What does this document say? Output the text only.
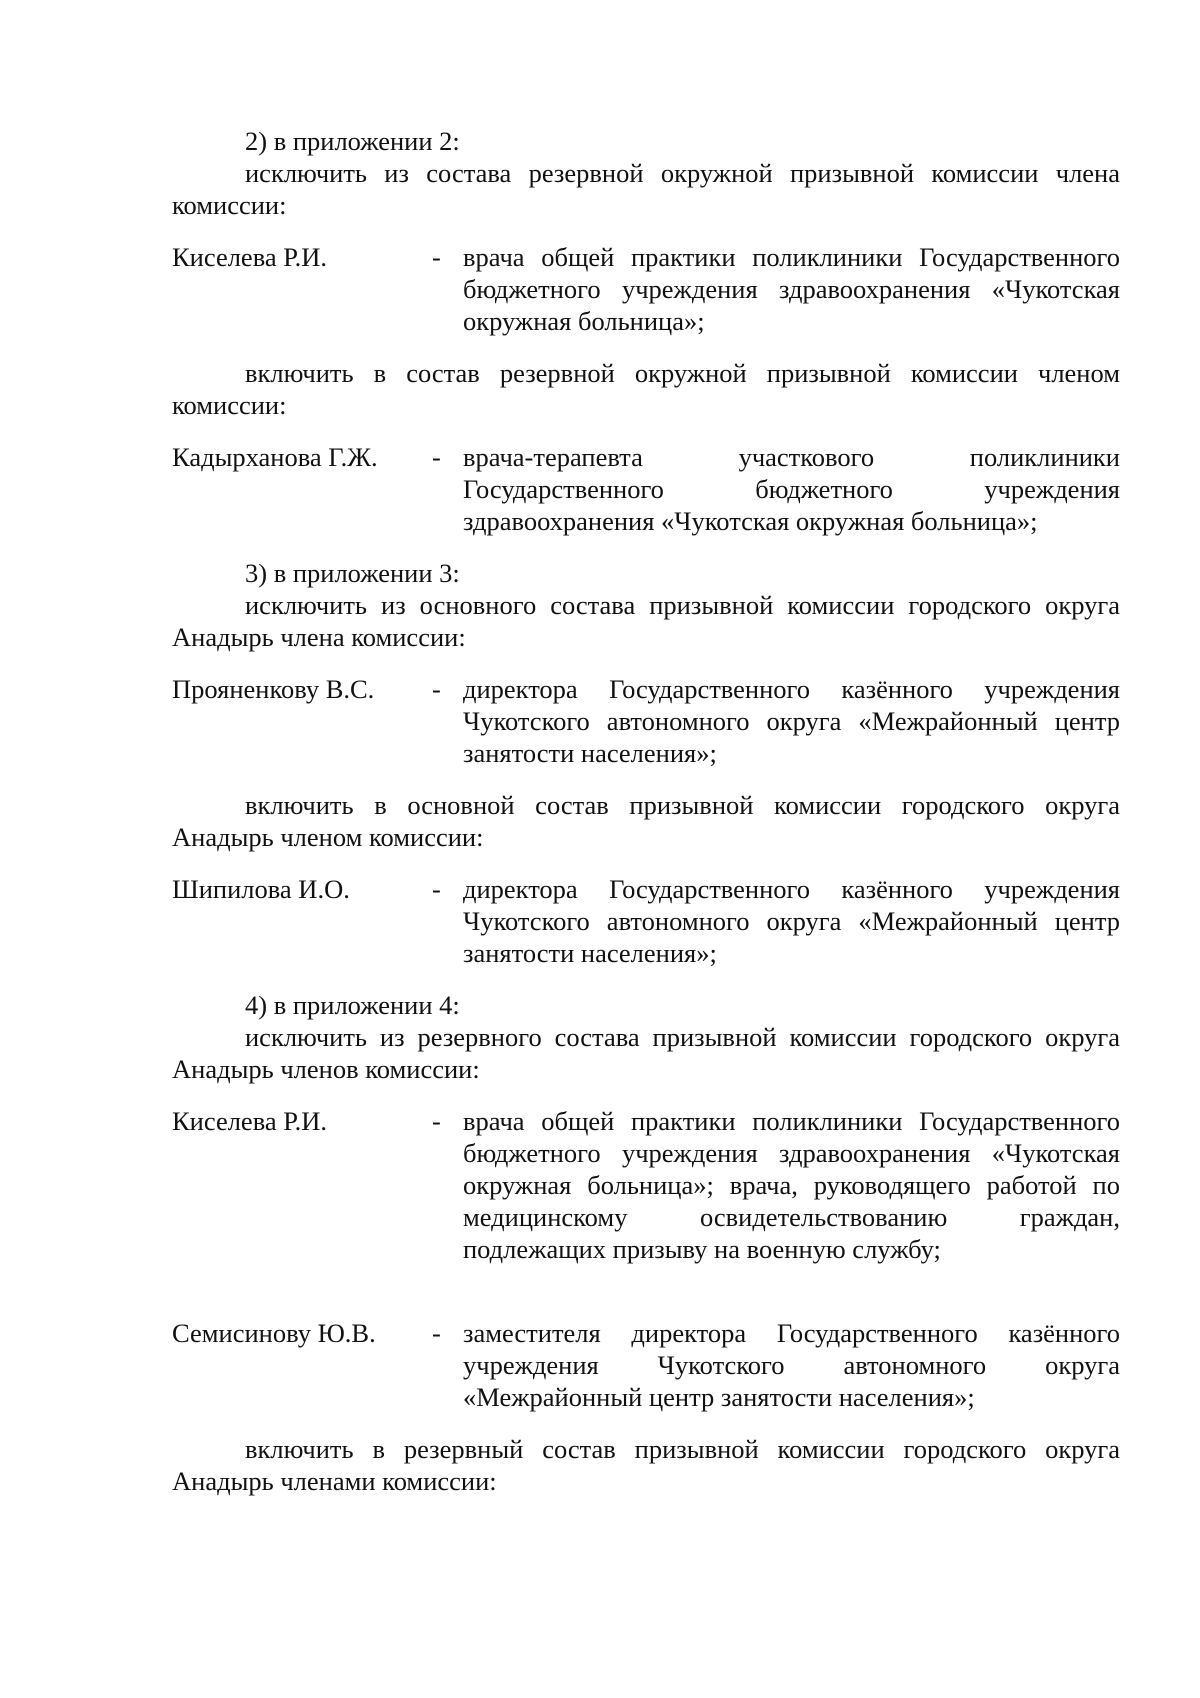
2) в приложении 2:
исключить из состава резервной окружной призывной комиссии члена комиссии:
Киселева Р.И.	- врача общей практики поликлиники Государственного бюджетного учреждения здравоохранения «Чукотская окружная больница»;
включить в состав резервной окружной призывной комиссии членом комиссии:
Кадырханова Г.Ж. - врача-терапевта участкового поликлиники Государственного бюджетного учреждения здравоохранения «Чукотская окружная больница»;
3) в приложении 3:
исключить из основного состава призывной комиссии городского округа Анадырь члена комиссии:
Прояненкову В.С. - директора Государственного казённого учреждения Чукотского автономного округа «Межрайонный центр занятости населения»;
включить в основной состав призывной комиссии городского округа Анадырь членом комиссии:
Шипилова И.О.	- директора Государственного казённого учреждения Чукотского автономного округа «Межрайонный центр занятости населения»;
4) в приложении 4:
исключить из резервного состава призывной комиссии городского округа Анадырь членов комиссии:
Киселева Р.И.	- врача общей практики поликлиники Государственного бюджетного учреждения здравоохранения «Чукотская окружная больница»; врача, руководящего работой по медицинскому освидетельствованию граждан, подлежащих призыву на военную службу;
Семисинову Ю.В. - заместителя директора Государственного казённого учреждения Чукотского автономного округа «Межрайонный центр занятости населения»;
включить в резервный состав призывной комиссии городского округа Анадырь членами комиссии:
